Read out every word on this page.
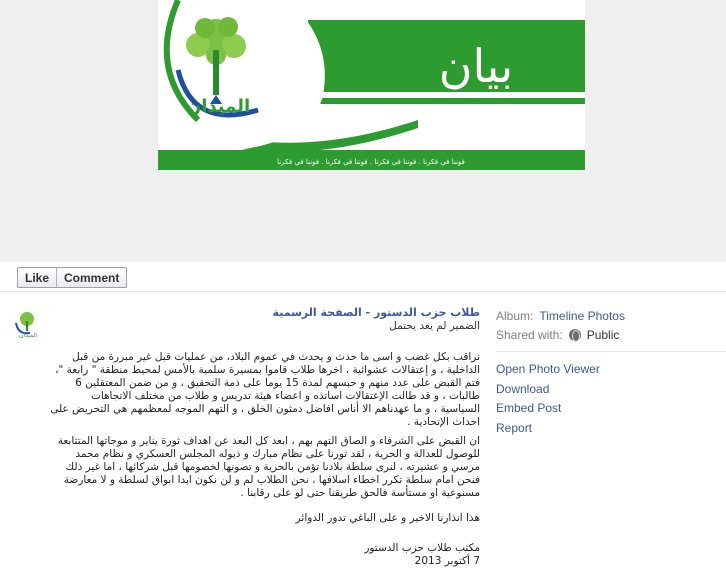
الميدان
بيان
فوننا في فكرنا . فوننا في فكرنا . فوننا في فكرنا . فوننا في فكرنا
Like	Comment
الميدان
طلاب حزب الدستور - الصفحة الرسمية
الضمير لم يعد يحتمل

نراقب بكل غضب و اسى ما حدث و يحدث في عموم البلاد، من عمليات قبل غير مبررة من قبل الداخلية ، و إعتقالات عشوائية ، اخرها طلاب قاموا بمسيرة سلمية بالأمس لمحيط منطقة " رابعة "، فتم القبض على عدد منهم و حبسهم لمدة 15 يوما على ذمة التحقيق ، و من ضمن المعتقلين 6 طالبات ، و قد طالت الإعتقالات اساتذه و اعضاء هيئة تدريس و طلاب من مختلف الاتجاهات السياسية ، و ما عهدناهم الا أناس افاضل دمثون الخلق ، و التهم الموجه لمعظمهم هي التحريض على احداث الإتحادية .

ان القبض على الشرفاء و الصاق التهم بهم ، ابعد كل البعد عن اهداف ثورة يناير و موجاتها المتتابعة للوصول للعدالة و الحرية ، لقد ثورنا على نظام مبارك و ذيوله المجلس العسكري و نظام محمد مرسي و عشيرته ، لنرى سلطة بلادنا تؤمن بالحرية و تصونها لخصومها قبل شركائها ، اما غير ذلك فنحن امام سلطة تكرر اخطاء اسلافها ، نحن الطلاب لم و لن نكون ابدا ابواق لسلطة و لا معارضة مسنوعية او مستأسة فالحق طريقنا حتى لو على رقابنا .

هذا انذارنا الاخير و على الباغي تدور الدوائر

مكتب طلاب حزب الدستور

7 أكتوبر 2013

Album: Timeline Photos
Shared with: Public
Open Photo Viewer
Download
Embed Post
Report
